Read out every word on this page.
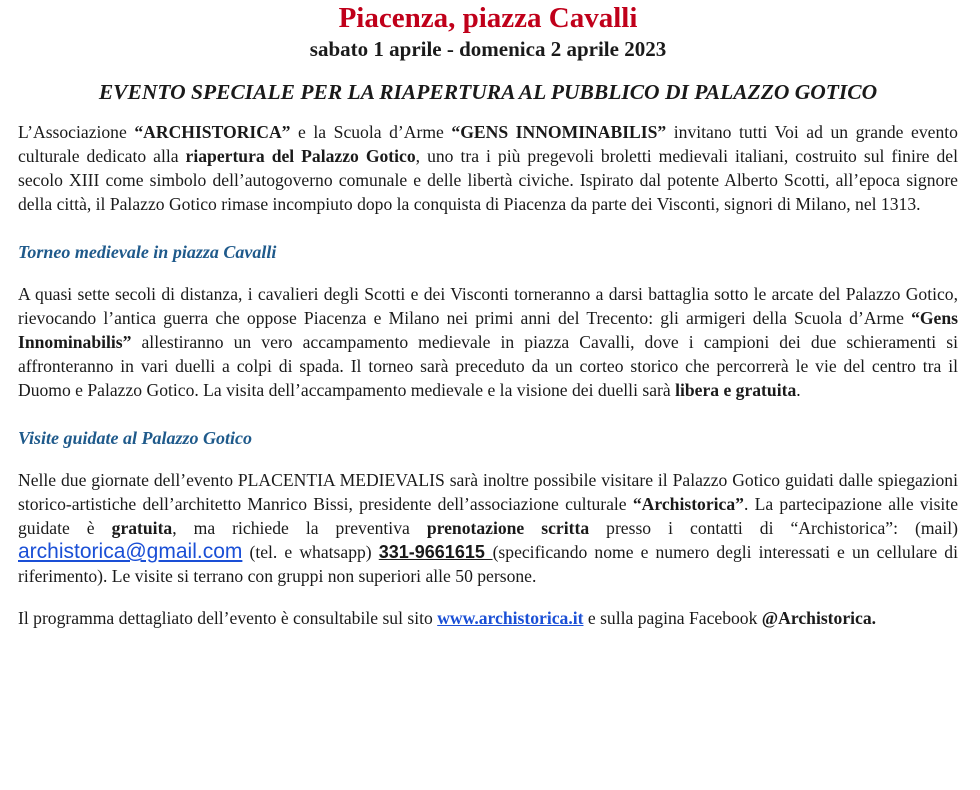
Piacenza, piazza Cavalli
sabato 1 aprile - domenica 2 aprile 2023
EVENTO SPECIALE PER LA RIAPERTURA AL PUBBLICO DI PALAZZO GOTICO
L’Associazione “ARCHISTORICA” e la Scuola d’Arme “GENS INNOMINABILIS” invitano tutti Voi ad un grande evento culturale dedicato alla riapertura del Palazzo Gotico, uno tra i più pregevoli broletti medievali italiani, costruito sul finire del secolo XIII come simbolo dell’autogoverno comunale e delle libertà civiche. Ispirato dal potente Alberto Scotti, all’epoca signore della città, il Palazzo Gotico rimase incompiuto dopo la conquista di Piacenza da parte dei Visconti, signori di Milano, nel 1313.
Torneo medievale in piazza Cavalli
A quasi sette secoli di distanza, i cavalieri degli Scotti e dei Visconti torneranno a darsi battaglia sotto le arcate del Palazzo Gotico, rievocando l’antica guerra che oppose Piacenza e Milano nei primi anni del Trecento: gli armigeri della Scuola d’Arme “Gens Innominabilis” allestiranno un vero accampamento medievale in piazza Cavalli, dove i campioni dei due schieramenti si affronteranno in vari duelli a colpi di spada. Il torneo sarà preceduto da un corteo storico che percorrerà le vie del centro tra il Duomo e Palazzo Gotico. La visita dell’accampamento medievale e la visione dei duelli sarà libera e gratuita.
Visite guidate al Palazzo Gotico
Nelle due giornate dell’evento PLACENTIA MEDIEVALIS sarà inoltre possibile visitare il Palazzo Gotico guidati dalle spiegazioni storico-artistiche dell’architetto Manrico Bissi, presidente dell’associazione culturale “Archistorica”. La partecipazione alle visite guidate è gratuita, ma richiede la preventiva prenotazione scritta presso i contatti di “Archistorica”: (mail) archistorica@gmail.com (tel. e whatsapp) 331-9661615 (specificando nome e numero degli interessati e un cellulare di riferimento). Le visite si terrano con gruppi non superiori alle 50 persone.
Il programma dettagliato dell’evento è consultabile sul sito www.archistorica.it e sulla pagina Facebook @Archistorica.
